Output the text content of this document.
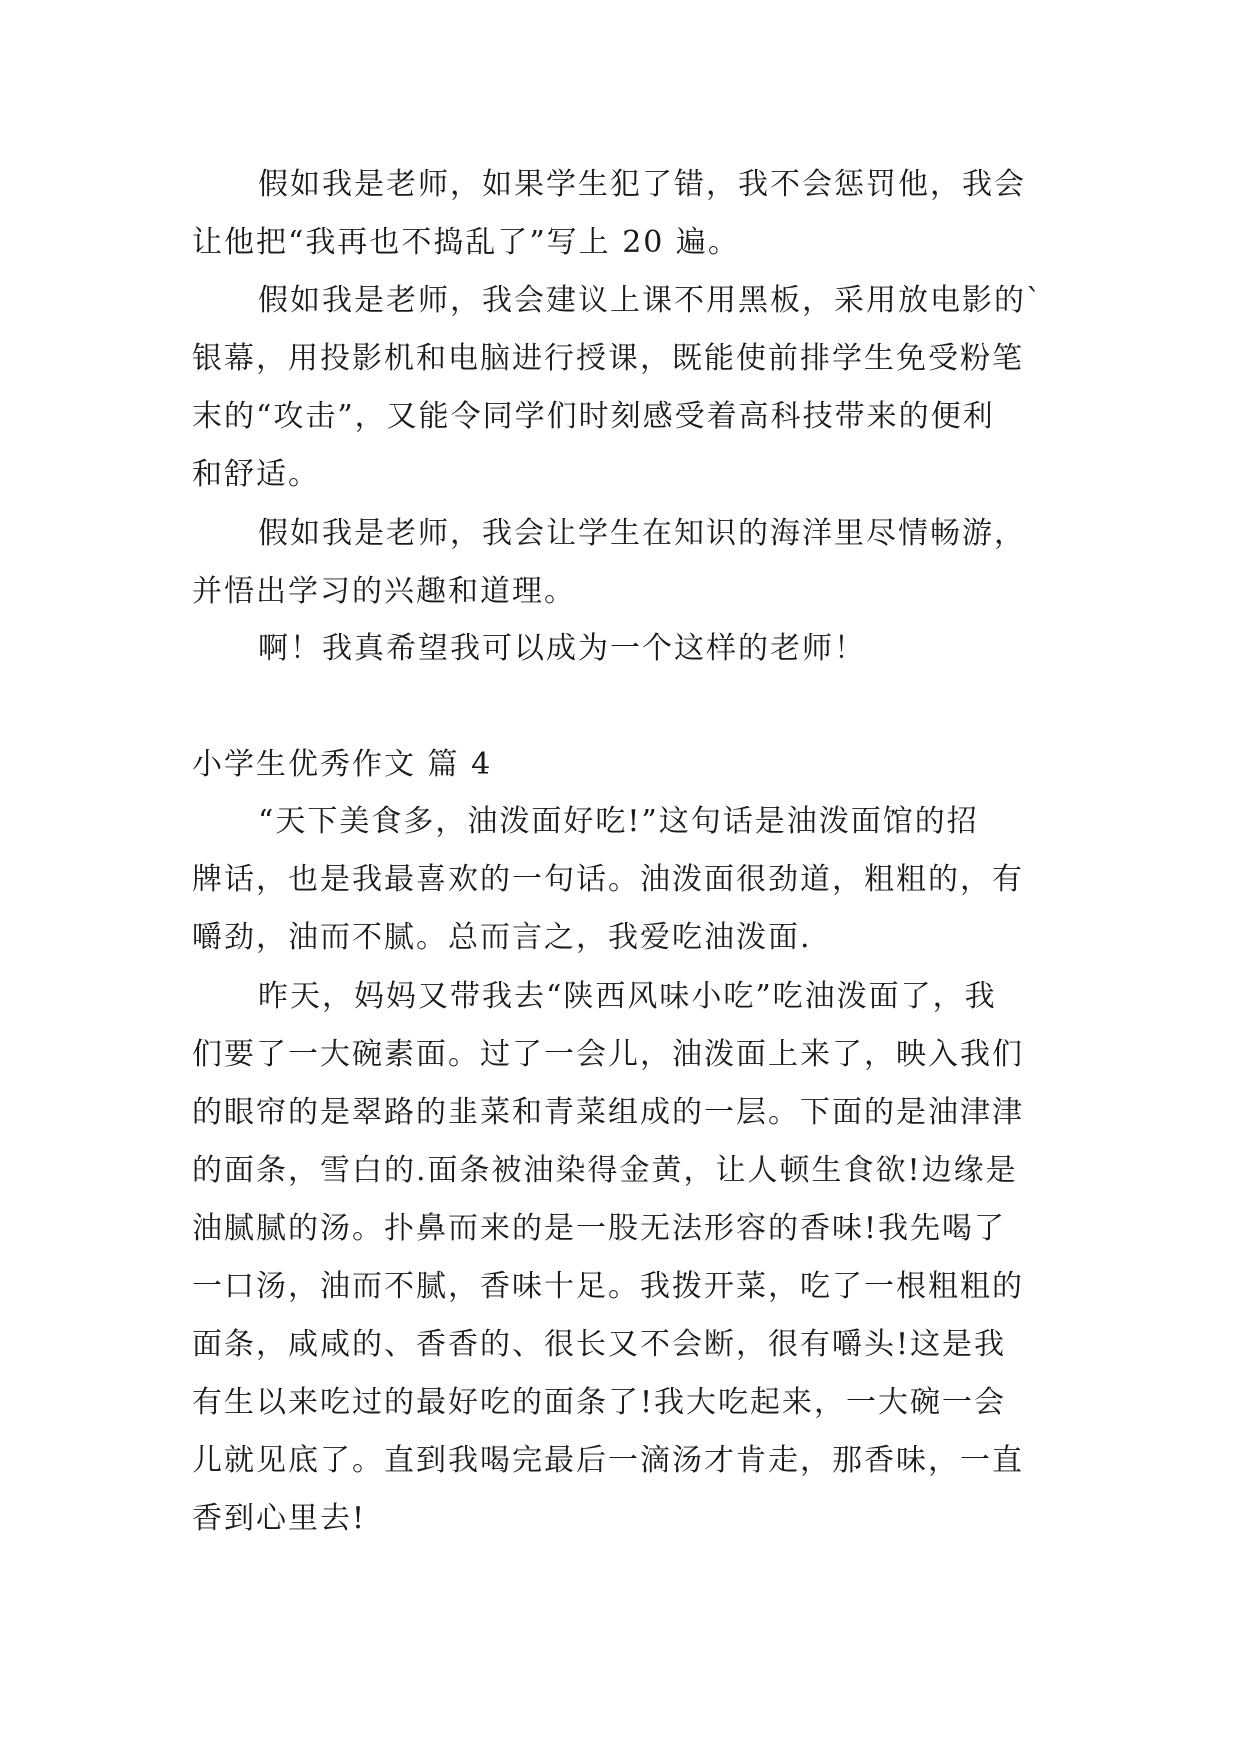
假如我是老师，如果学生犯了错，我不会惩罚他，我会
让他把“我再也不捣乱了”写上 20 遍。
假如我是老师，我会建议上课不用黑板，采用放电影的`
银幕，用投影机和电脑进行授课，既能使前排学生免受粉笔
末的“攻击”，又能令同学们时刻感受着高科技带来的便利
和舒适。
假如我是老师，我会让学生在知识的海洋里尽情畅游，
并悟出学习的兴趣和道理。
啊！我真希望我可以成为一个这样的老师！
小学生优秀作文 篇 4
“天下美食多，油泼面好吃!”这句话是油泼面馆的招
牌话，也是我最喜欢的一句话。油泼面很劲道，粗粗的，有
嚼劲，油而不腻。总而言之，我爱吃油泼面.
昨天，妈妈又带我去“陕西风味小吃”吃油泼面了，我
们要了一大碗素面。过了一会儿，油泼面上来了，映入我们
的眼帘的是翠路的韭菜和青菜组成的一层。下面的是油津津
的面条，雪白的.面条被油染得金黄，让人顿生食欲!边缘是
油腻腻的汤。扑鼻而来的是一股无法形容的香味!我先喝了
一口汤，油而不腻，香味十足。我拨开菜，吃了一根粗粗的
面条，咸咸的、香香的、很长又不会断，很有嚼头!这是我
有生以来吃过的最好吃的面条了!我大吃起来，一大碗一会
儿就见底了。直到我喝完最后一滴汤才肯走，那香味，一直
香到心里去!
